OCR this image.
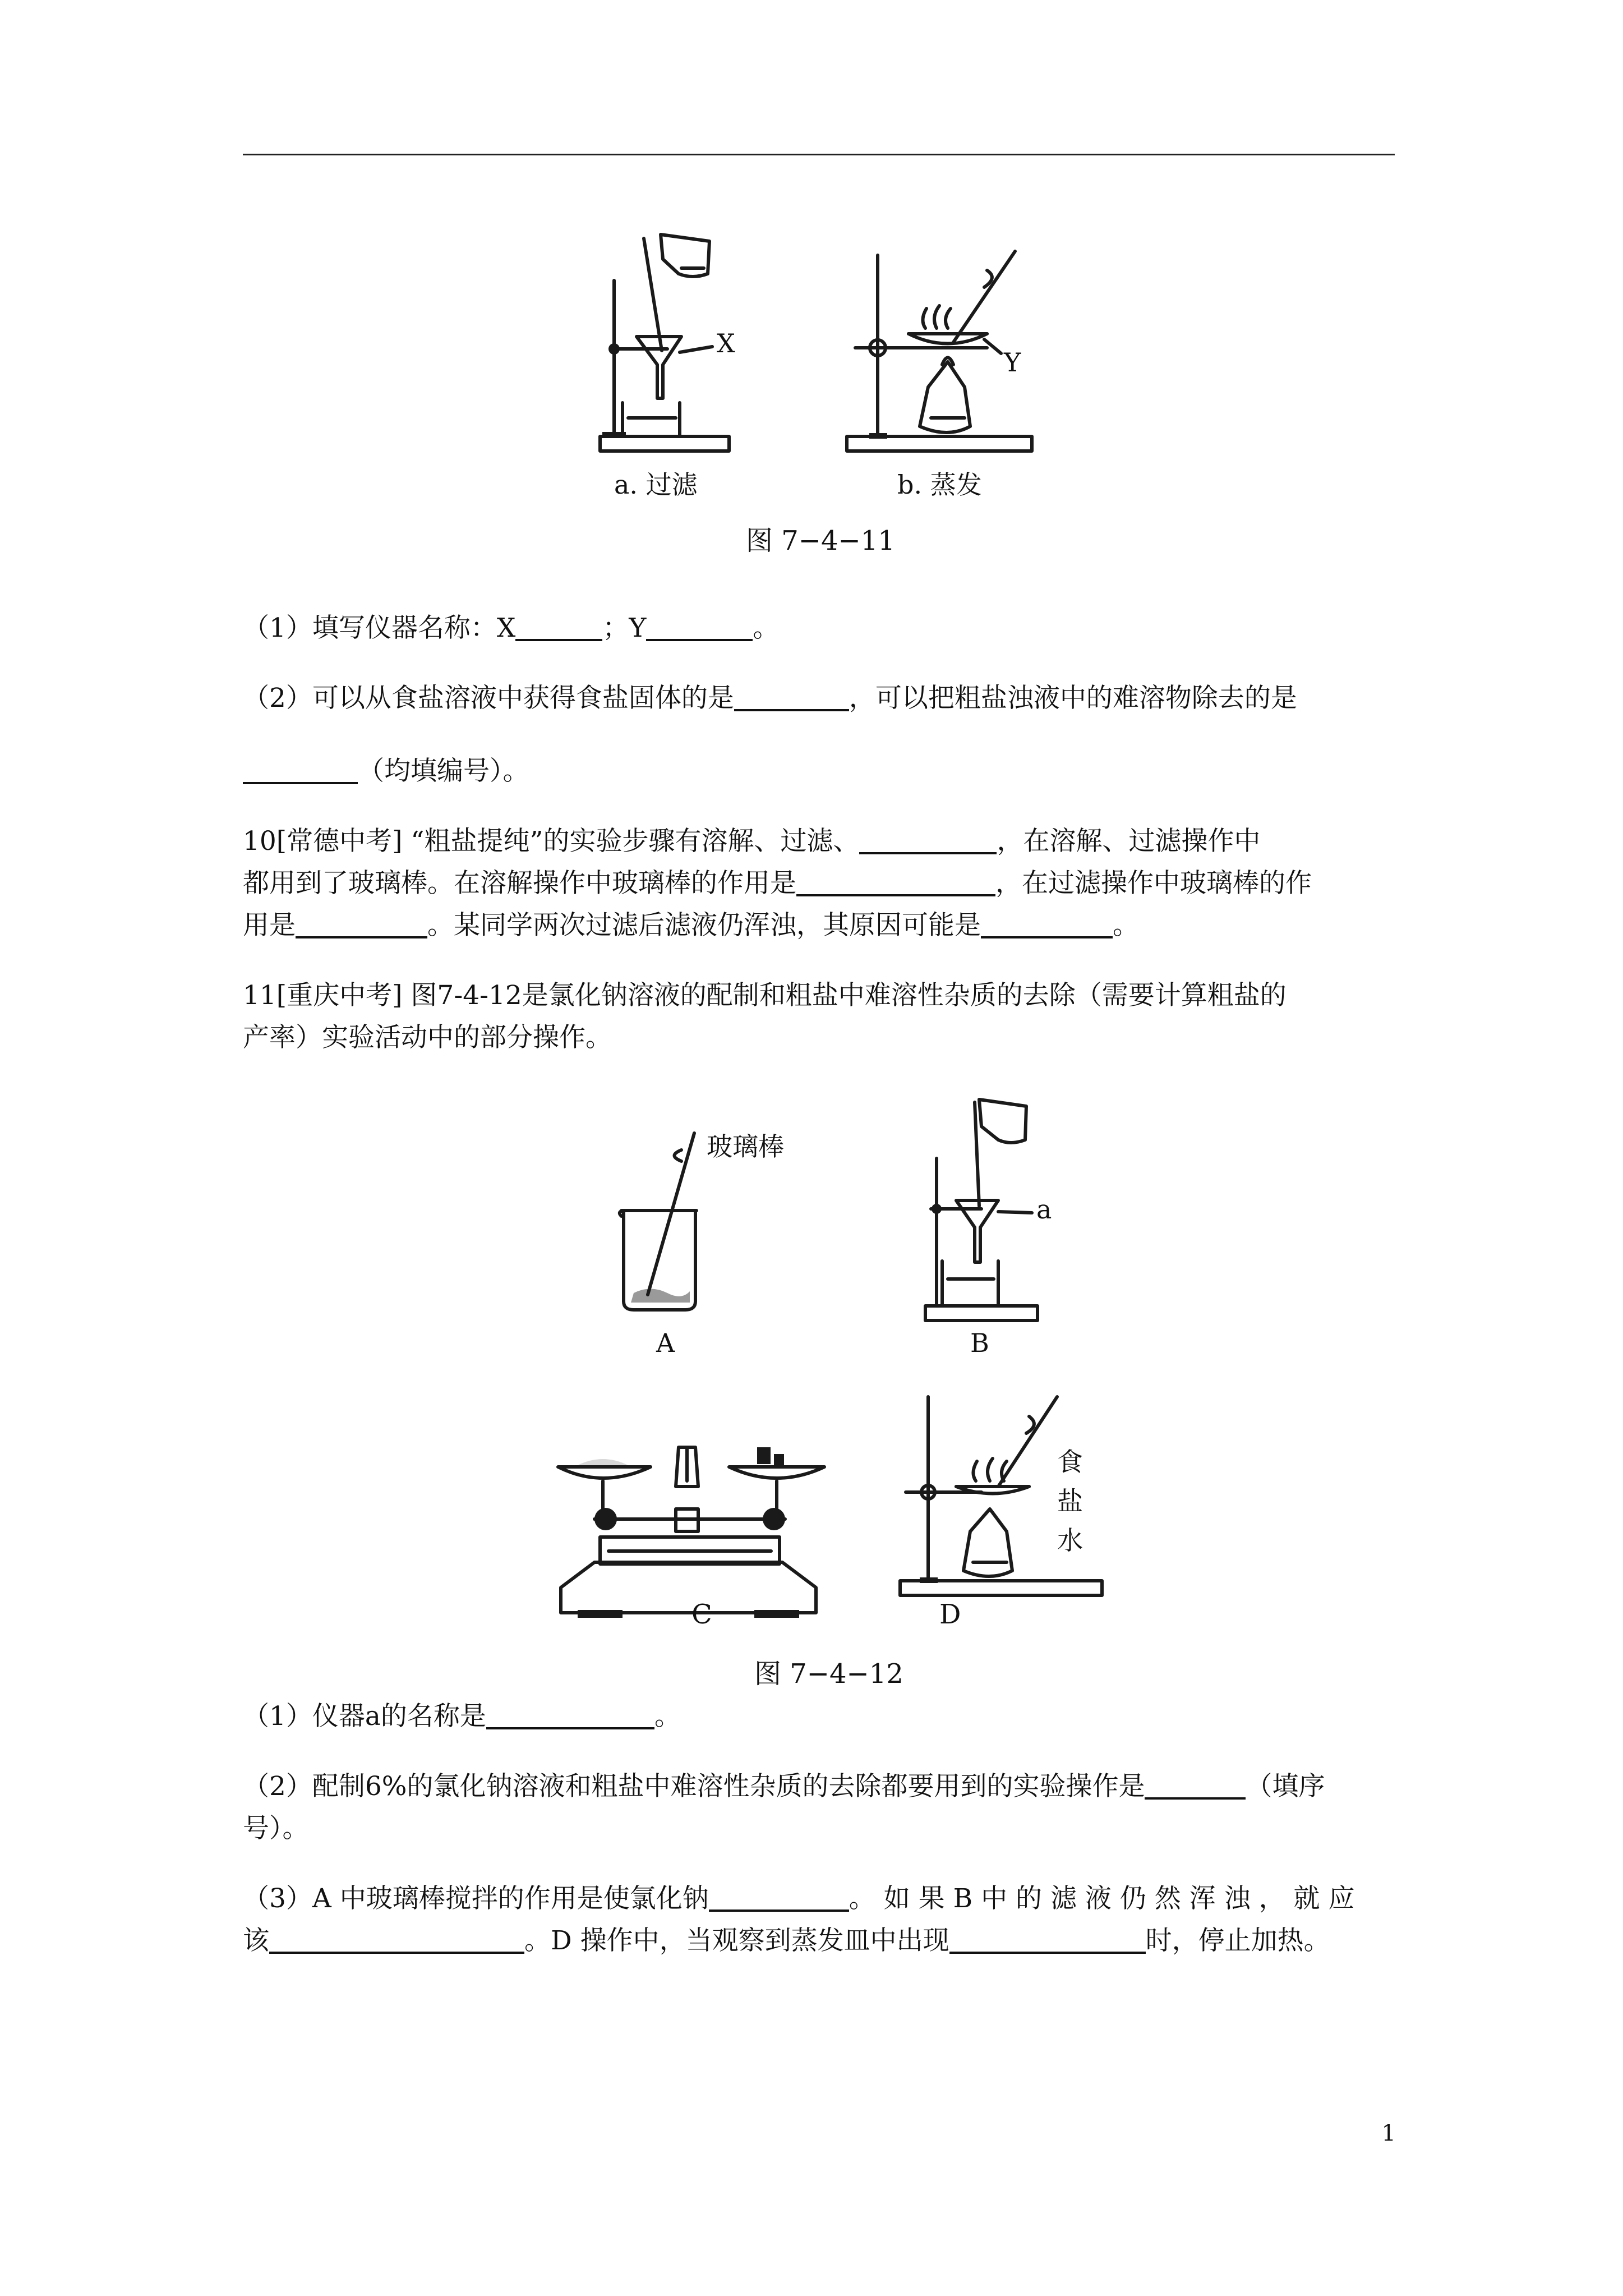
X
a. 过滤
Y
b. 蒸发
图 7−4−11
（1）填写仪器名称：X	；Y	。
（2）可以从食盐溶液中获得食盐固体的是	，可以把粗盐浊液中的难溶物除去的是
（均填编号）。
10[常德中考] “粗盐提纯”的实验步骤有溶解、过滤、	，在溶解、过滤操作中
都用到了玻璃棒。在溶解操作中玻璃棒的作用是	，在过滤操作中玻璃棒的作
用是	。某同学两次过滤后滤液仍浑浊，其原因可能是	。
11[重庆中考] 图7-4-12是氯化钠溶液的配制和粗盐中难溶性杂质的去除（需要计算粗盐的
产率）实验活动中的部分操作。
玻璃棒
A
a
B
食
盐
水
C	D
图 7−4−12
（1）仪器a的名称是	。
（2）配制6%的氯化钠溶液和粗盐中难溶性杂质的去除都要用到的实验操作是	（填序
号）。
（3）A 中玻璃棒搅拌的作用是使氯化钠	。 如 果 B 中 的 滤 液 仍 然 浑 浊 ， 就 应
该	。D 操作中，当观察到蒸发皿中出现	时，停止加热。
1
